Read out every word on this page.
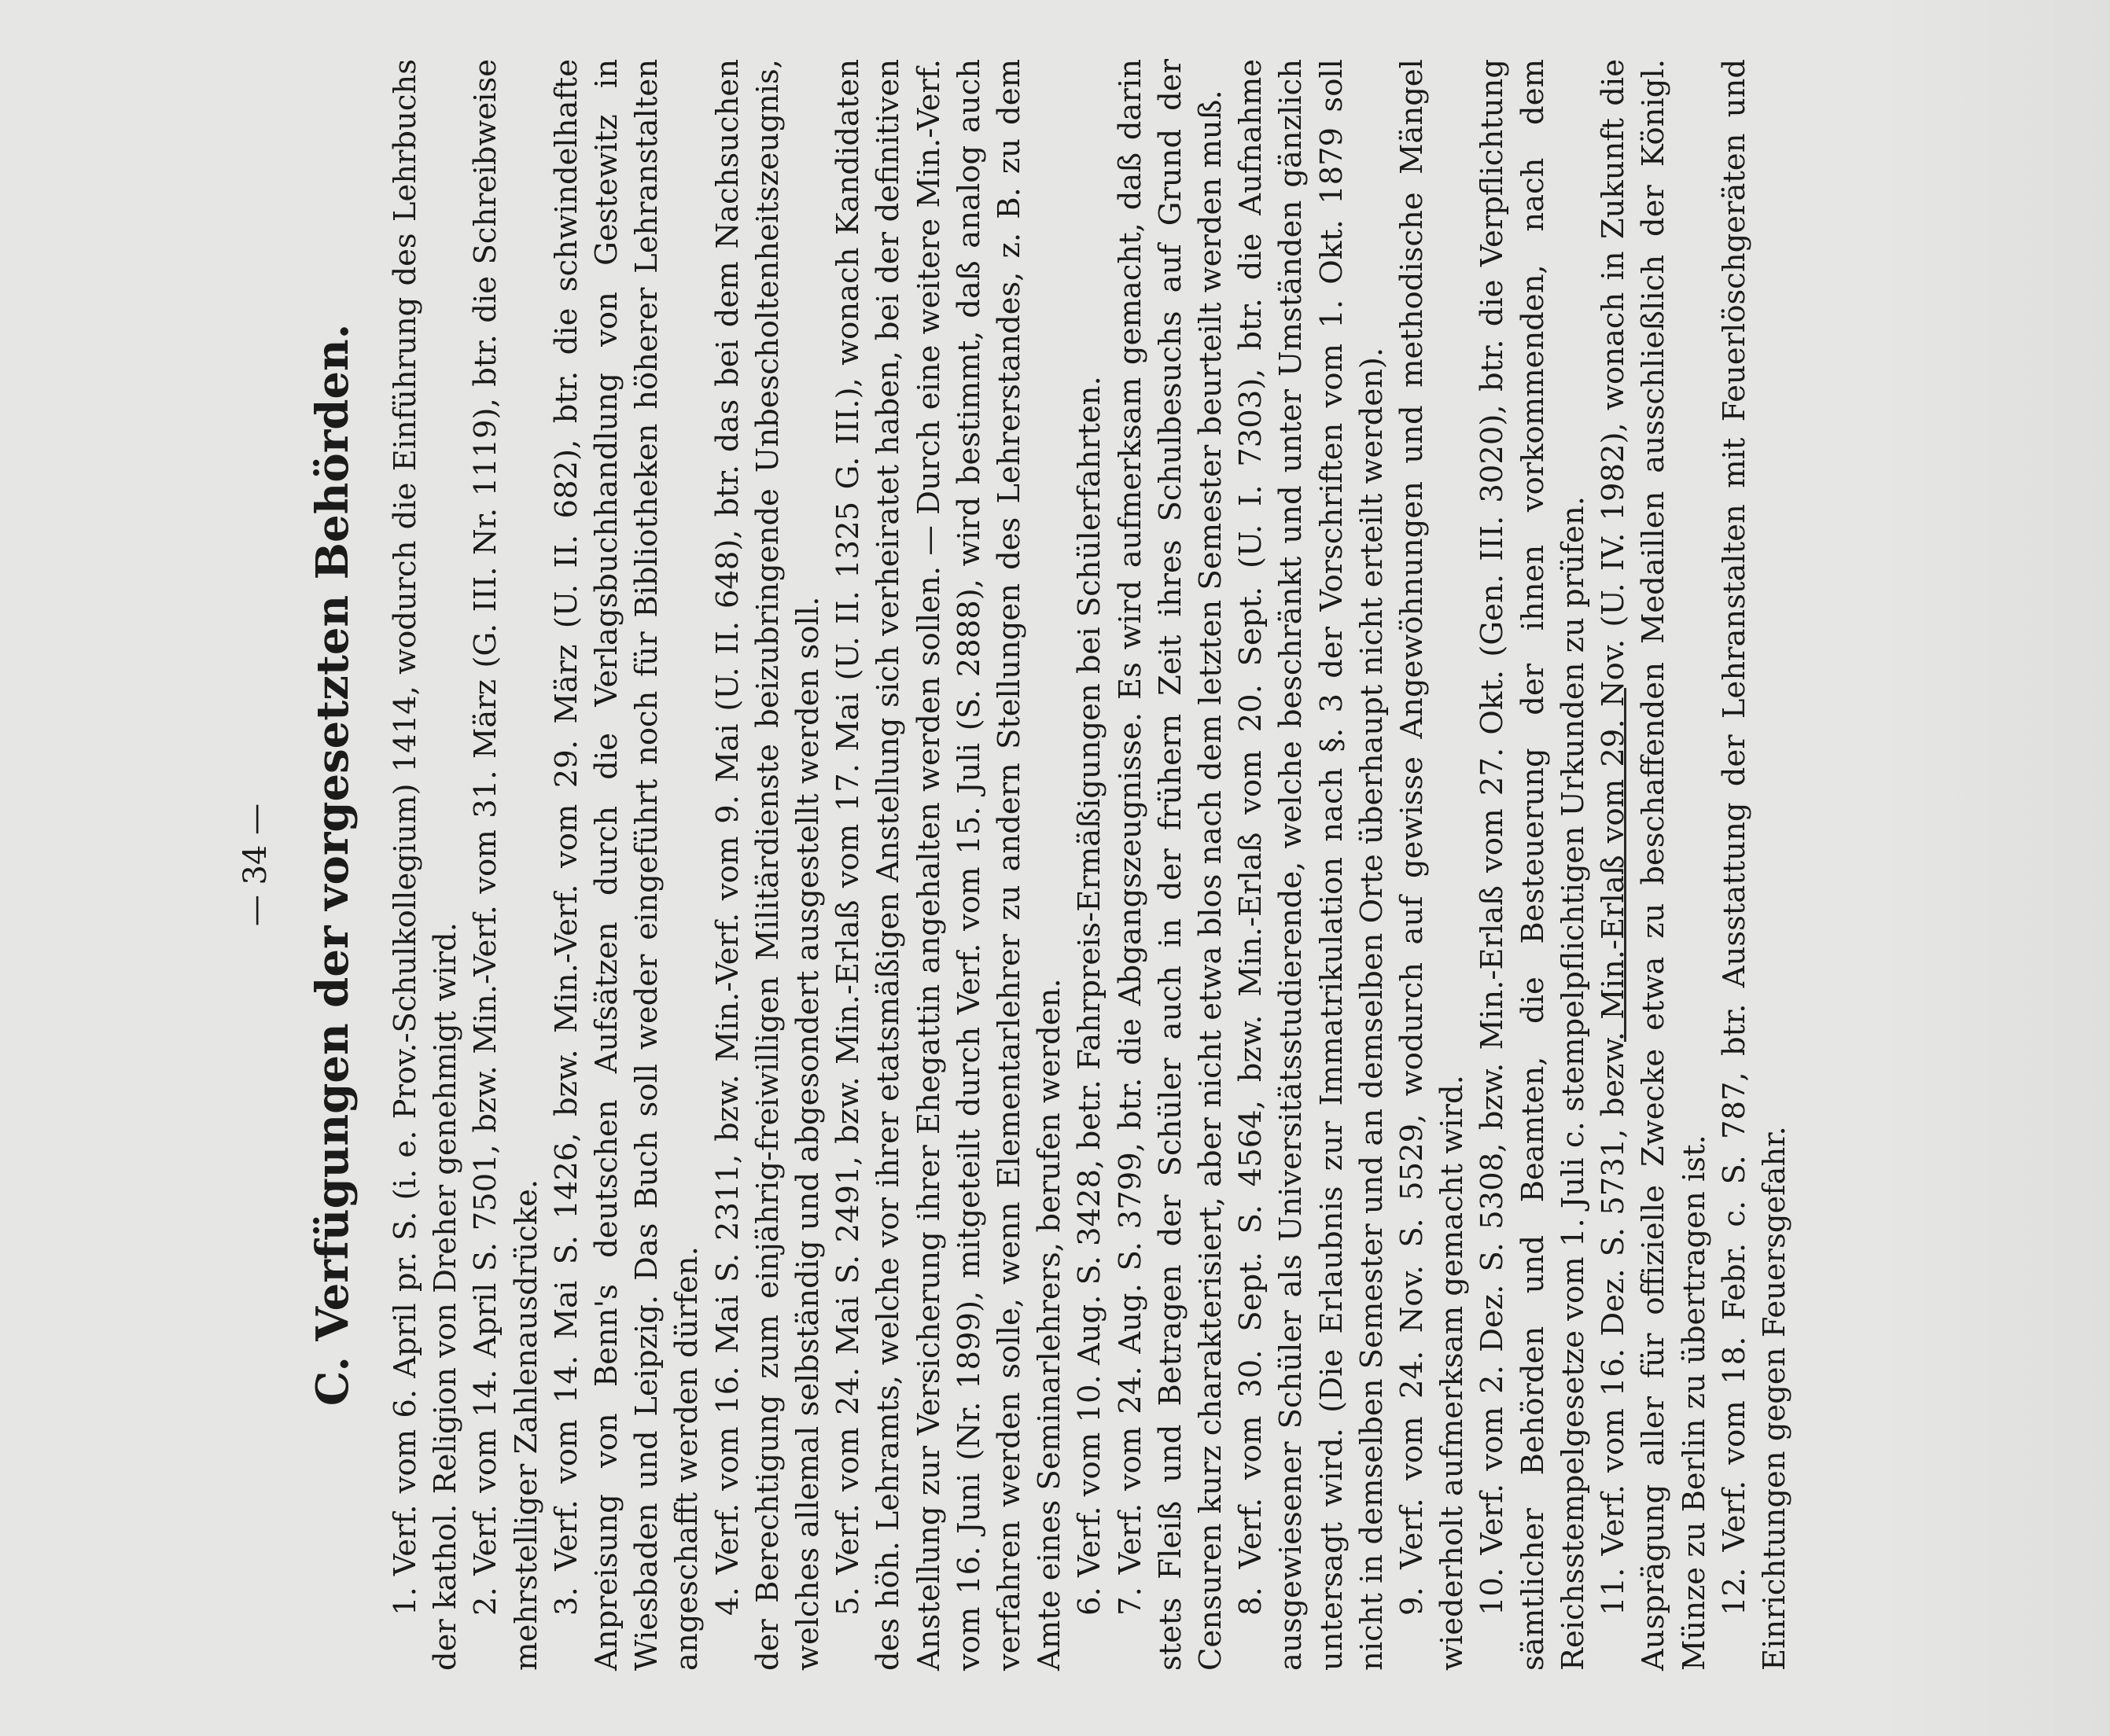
— 34 — C. Verfügungen der vorgesetzten Behörden. 1. Verf. vom 6. April pr. S. (i. e. Prov.-Schulkollegium) 1414, wodurch die Einführung des Lehrbuchs der kathol. Religion von Dreher genehmigt wird. 2. Verf. vom 14. April S. 7501, bzw. Min.-Verf. vom 31. März (G. III. Nr. 1119), btr. die Schreibweise mehrstelliger Zahlenausdrücke. 3. Verf. vom 14. Mai S. 1426, bzw. Min.-Verf. vom 29. März (U. II. 682), btr. die schwindelhafte Anpreisung von Benn's deutschen Aufsätzen durch die Verlagsbuchhandlung von Gestewitz in Wiesbaden und Leipzig. Das Buch soll weder eingeführt noch für Bibliotheken höherer Lehranstalten angeschafft werden dürfen. 4. Verf. vom 16. Mai S. 2311, bzw. Min.-Verf. vom 9. Mai (U. II. 648), btr. das bei dem Nachsuchen der Berechtigung zum einjährig-freiwilligen Militärdienste beizubringende Unbescholtenheitszeugnis, welches allemal selbständig und abgesondert ausgestellt werden soll. 5. Verf. vom 24. Mai S. 2491, bzw. Min.-Erlaß vom 17. Mai (U. II. 1325 G. III.), wonach Kandidaten des höh. Lehramts, welche vor ihrer etatsmäßigen Anstellung sich verheiratet haben, bei der definitiven Anstellung zur Versicherung ihrer Ehegattin angehalten werden sollen. — Durch eine weitere Min.-Verf. vom 16. Juni (Nr. 1899), mitgeteilt durch Verf. vom 15. Juli (S. 2888), wird bestimmt, daß analog auch verfahren werden solle, wenn Elementarlehrer zu andern Stellungen des Lehrerstandes, z. B. zu dem Amte eines Seminarlehrers, berufen werden. 6. Verf. vom 10. Aug. S. 3428, betr. Fahrpreis-Ermäßigungen bei Schülerfahrten. 7. Verf. vom 24. Aug. S. 3799, btr. die Abgangszeugnisse. Es wird aufmerksam gemacht, daß darin stets Fleiß und Betragen der Schüler auch in der frühern Zeit ihres Schulbesuchs auf Grund der Censuren kurz charakterisiert, aber nicht etwa blos nach dem letzten Semester beurteilt werden muß. 8. Verf. vom 30. Sept. S. 4564, bzw. Min.-Erlaß vom 20. Sept. (U. I. 7303), btr. die Aufnahme ausgewiesener Schüler als Universitätsstudierende, welche beschränkt und unter Umständen gänzlich untersagt wird. (Die Erlaubnis zur Immatrikulation nach §. 3 der Vorschriften vom 1. Okt. 1879 soll nicht in demselben Semester und an demselben Orte überhaupt nicht erteilt werden). 9. Verf. vom 24. Nov. S. 5529, wodurch auf gewisse Angewöhnungen und methodische Mängel wiederholt aufmerksam gemacht wird. 10. Verf. vom 2. Dez. S. 5308, bzw. Min.-Erlaß vom 27. Okt. (Gen. III. 3020), btr. die Verpflichtung sämtlicher Behörden und Beamten, die Besteuerung der ihnen vorkommenden, nach dem Reichsstempelgesetze vom 1. Juli c. stempelpflichtigen Urkunden zu prüfen. 11. Verf. vom 16. Dez. S. 5731, bezw. Min.-Erlaß vom 29. Nov. (U. IV. 1982), wonach in Zukunft die Ausprägung aller für offizielle Zwecke etwa zu beschaffenden Medaillen ausschließlich der Königl. Münze zu Berlin zu übertragen ist. 12. Verf. vom 18. Febr. c. S. 787, btr. Ausstattung der Lehranstalten mit Feuerlöschgeräten und Einrichtungen gegen Feuersgefahr.
